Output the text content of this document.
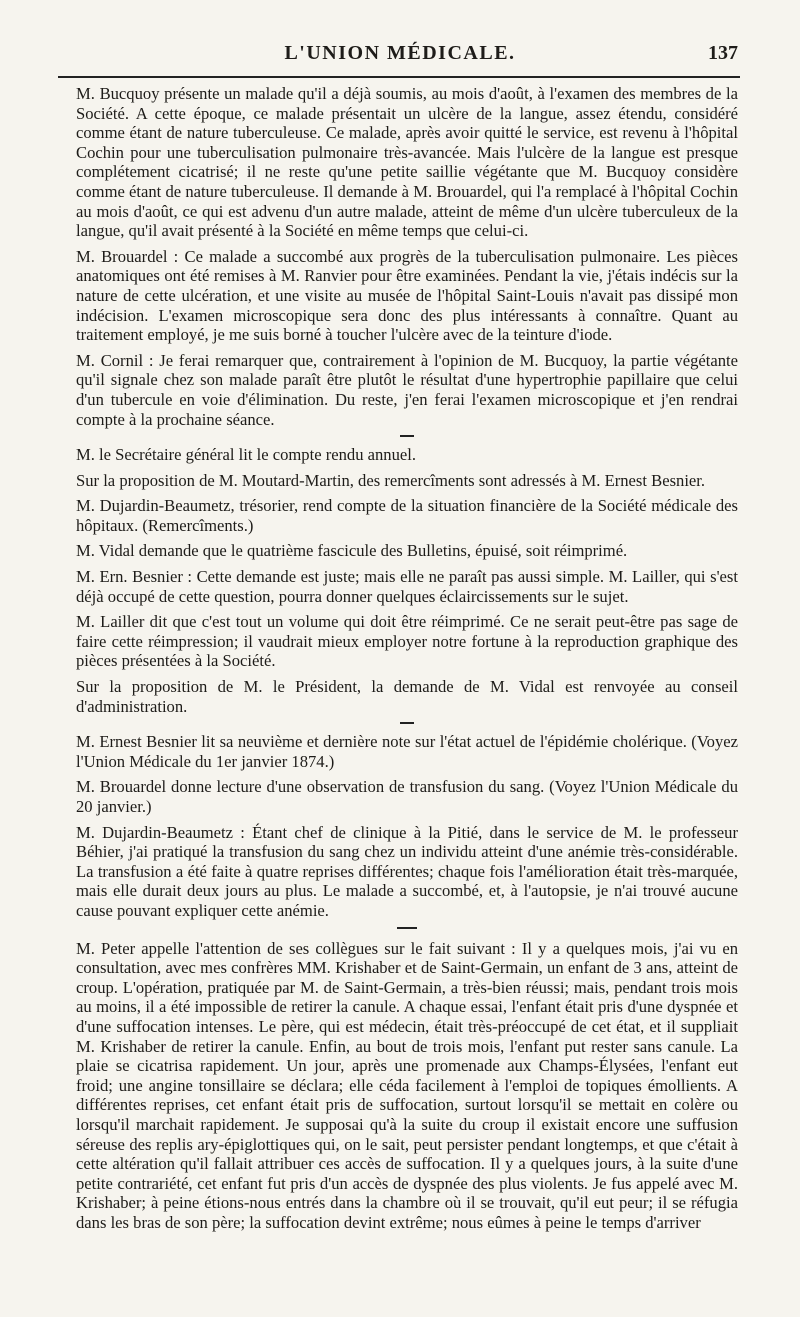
L'UNION MÉDICALE.	137

M. Bucquoy présente un malade qu'il a déjà soumis, au mois d'août, à l'examen des membres de la Société. A cette époque, ce malade présentait un ulcère de la langue, assez étendu, considéré comme étant de nature tuberculeuse. Ce malade, après avoir quitté le service, est revenu à l'hôpital Cochin pour une tuberculisation pulmonaire très-avancée. Mais l'ulcère de la langue est presque complétement cicatrisé; il ne reste qu'une petite saillie végétante que M. Bucquoy considère comme étant de nature tuberculeuse. Il demande à M. Brouardel, qui l'a remplacé à l'hôpital Cochin au mois d'août, ce qui est advenu d'un autre malade, atteint de même d'un ulcère tuberculeux de la langue, qu'il avait présenté à la Société en même temps que celui-ci.

M. Brouardel : Ce malade a succombé aux progrès de la tuberculisation pulmonaire. Les pièces anatomiques ont été remises à M. Ranvier pour être examinées. Pendant la vie, j'étais indécis sur la nature de cette ulcération, et une visite au musée de l'hôpital Saint-Louis n'avait pas dissipé mon indécision. L'examen microscopique sera donc des plus intéressants à connaître. Quant au traitement employé, je me suis borné à toucher l'ulcère avec de la teinture d'iode.

M. Cornil : Je ferai remarquer que, contrairement à l'opinion de M. Bucquoy, la partie végétante qu'il signale chez son malade paraît être plutôt le résultat d'une hypertrophie papillaire que celui d'un tubercule en voie d'élimination. Du reste, j'en ferai l'examen microscopique et j'en rendrai compte à la prochaine séance.

M. le Secrétaire général lit le compte rendu annuel.

Sur la proposition de M. Moutard-Martin, des remercîments sont adressés à M. Ernest Besnier.

M. Dujardin-Beaumetz, trésorier, rend compte de la situation financière de la Société médicale des hôpitaux. (Remercîments.)

M. Vidal demande que le quatrième fascicule des Bulletins, épuisé, soit réimprimé.

M. Ern. Besnier : Cette demande est juste; mais elle ne paraît pas aussi simple. M. Lailler, qui s'est déjà occupé de cette question, pourra donner quelques éclaircissements sur le sujet.

M. Lailler dit que c'est tout un volume qui doit être réimprimé. Ce ne serait peut-être pas sage de faire cette réimpression; il vaudrait mieux employer notre fortune à la reproduction graphique des pièces présentées à la Société.

Sur la proposition de M. le Président, la demande de M. Vidal est renvoyée au conseil d'administration.

M. Ernest Besnier lit sa neuvième et dernière note sur l'état actuel de l'épidémie cholérique. (Voyez l'Union Médicale du 1er janvier 1874.)

M. Brouardel donne lecture d'une observation de transfusion du sang. (Voyez l'Union Médicale du 20 janvier.)

M. Dujardin-Beaumetz : Étant chef de clinique à la Pitié, dans le service de M. le professeur Béhier, j'ai pratiqué la transfusion du sang chez un individu atteint d'une anémie très-considérable. La transfusion a été faite à quatre reprises différentes; chaque fois l'amélioration était très-marquée, mais elle durait deux jours au plus. Le malade a succombé, et, à l'autopsie, je n'ai trouvé aucune cause pouvant expliquer cette anémie.

M. Peter appelle l'attention de ses collègues sur le fait suivant : Il y a quelques mois, j'ai vu en consultation, avec mes confrères MM. Krishaber et de Saint-Germain, un enfant de 3 ans, atteint de croup. L'opération, pratiquée par M. de Saint-Germain, a très-bien réussi; mais, pendant trois mois au moins, il a été impossible de retirer la canule. A chaque essai, l'enfant était pris d'une dyspnée et d'une suffocation intenses. Le père, qui est médecin, était très-préoccupé de cet état, et il suppliait M. Krishaber de retirer la canule. Enfin, au bout de trois mois, l'enfant put rester sans canule. La plaie se cicatrisa rapidement. Un jour, après une promenade aux Champs-Élysées, l'enfant eut froid; une angine tonsillaire se déclara; elle céda facilement à l'emploi de topiques émollients. A différentes reprises, cet enfant était pris de suffocation, surtout lorsqu'il se mettait en colère ou lorsqu'il marchait rapidement. Je supposai qu'à la suite du croup il existait encore une suffusion séreuse des replis ary-épiglottiques qui, on le sait, peut persister pendant longtemps, et que c'était à cette altération qu'il fallait attribuer ces accès de suffocation. Il y a quelques jours, à la suite d'une petite contrariété, cet enfant fut pris d'un accès de dyspnée des plus violents. Je fus appelé avec M. Krishaber; à peine étions-nous entrés dans la chambre où il se trouvait, qu'il eut peur; il se réfugia dans les bras de son père; la suffocation devint extrême; nous eûmes à peine le temps d'arriver
